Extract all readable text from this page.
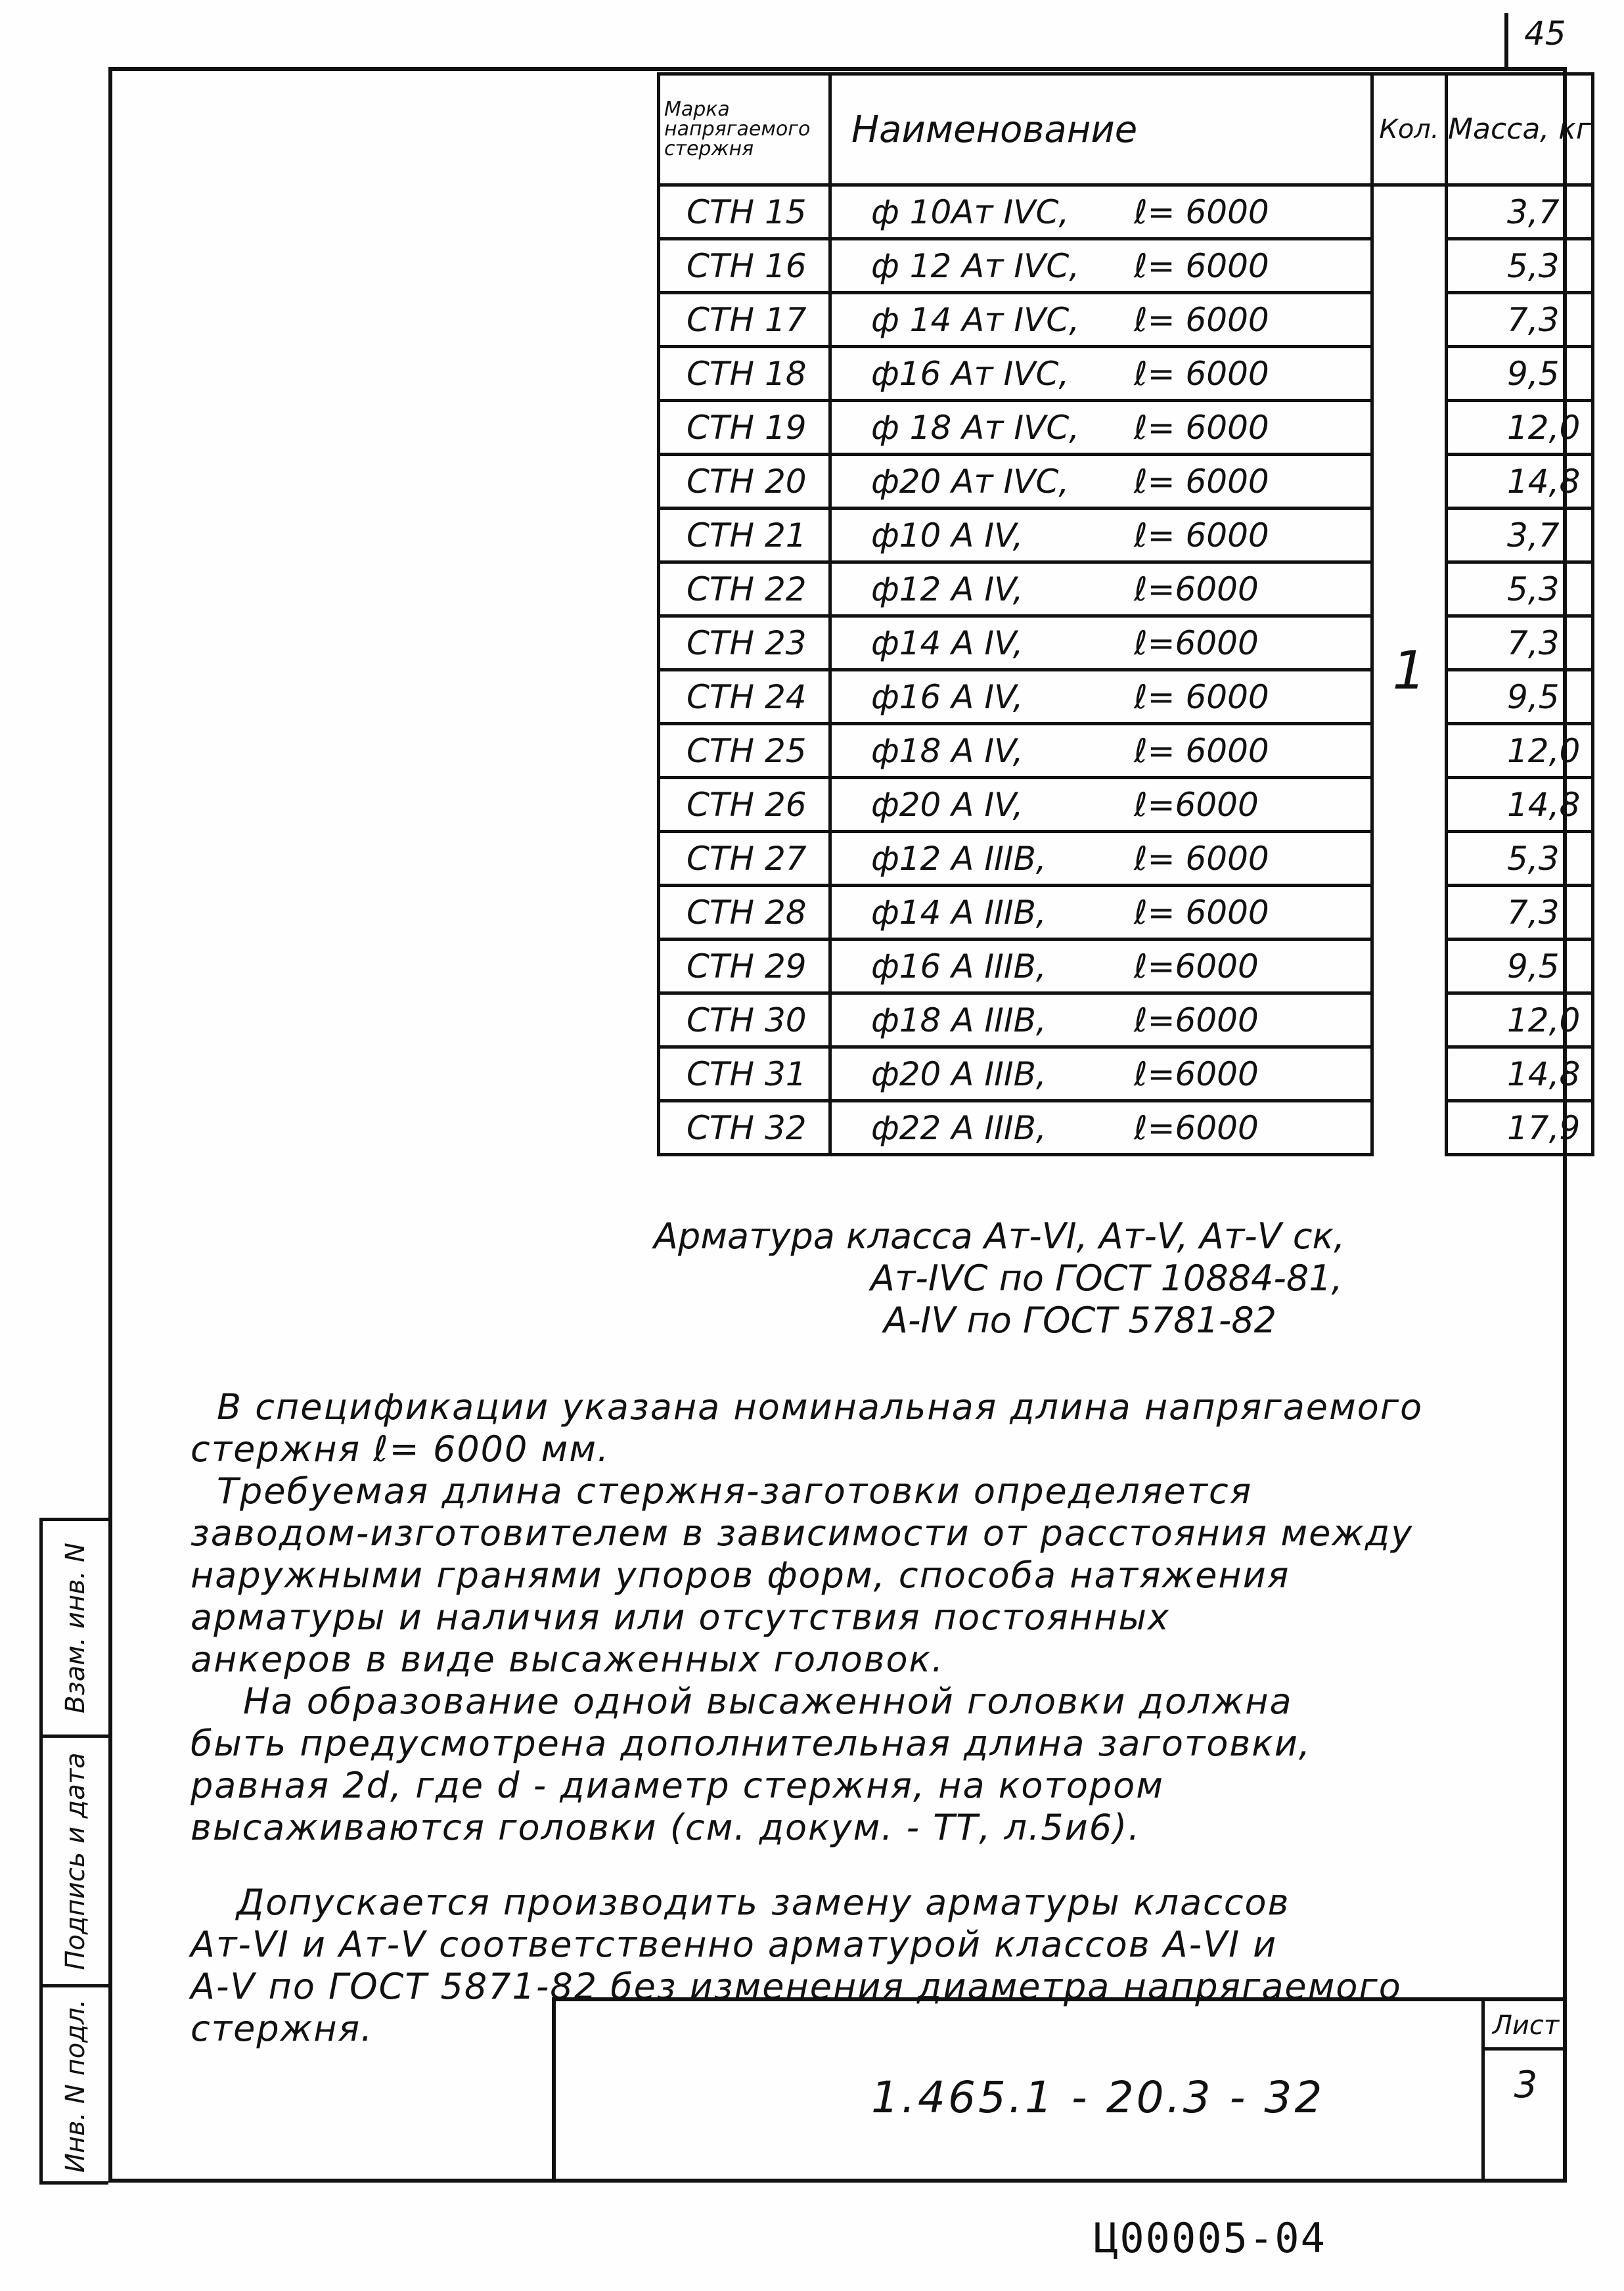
45
Марка напрягаемого стержня	Наименование	Кол.	Масса, кг
СТН 15	ф 10Ат IVС, ℓ= 6000	1	3,7
СТН 16	ф 12 Ат IVС, ℓ= 6000		5,3
СТН 17	ф 14 Ат IVС, ℓ= 6000		7,3
СТН 18	ф16 Ат IVС, ℓ= 6000		9,5
СТН 19	ф 18 Ат IVС, ℓ= 6000		12,0
СТН 20	ф20 Ат IVС, ℓ= 6000		14,8
СТН 21	ф10 А IV, ℓ= 6000		3,7
СТН 22	ф12 А IV, ℓ=6000		5,3
СТН 23	ф14 А IV, ℓ=6000		7,3
СТН 24	ф16 А IV, ℓ= 6000		9,5
СТН 25	ф18 А IV, ℓ= 6000		12,0
СТН 26	ф20 А IV, ℓ=6000		14,8
СТН 27	ф12 А IIIВ, ℓ= 6000		5,3
СТН 28	ф14 А IIIВ, ℓ= 6000		7,3
СТН 29	ф16 А IIIВ, ℓ=6000		9,5
СТН 30	ф18 А IIIВ, ℓ=6000		12,0
СТН 31	ф20 А IIIВ, ℓ=6000		14,8
СТН 32	ф22 А IIIВ, ℓ=6000		17,9
Арматура класса Ат-VI, Ат-V, Ат-V ск,
Ат-IVС по ГОСТ 10884-81,
А-IV по ГОСТ 5781-82

В спецификации указана номинальная длина напрягаемого

стержня ℓ= 6000 мм.

Требуемая длина стержня-заготовки определяется

заводом-изготовителем в зависимости от расстояния между

наружными гранями упоров форм, способа натяжения

арматуры и наличия или отсутствия постоянных

анкеров в виде высаженных головок.

На образование одной высаженной головки должна

быть предусмотрена дополнительная длина заготовки,

равная 2d, где d - диаметр стержня, на котором

высаживаются головки (см. докум. - ТТ, л.5и6).

Допускается производить замену арматуры классов

Ат-VI и Ат-V соответственно арматурой классов А-VI и

А-V по ГОСТ 5871-82 без изменения диаметра напрягаемого

стержня.

Взам. инв. N
Подпись и дата
Инв. N подл.	1.465.1 - 20.3 - 32
Лист
3
Ц00005-04
